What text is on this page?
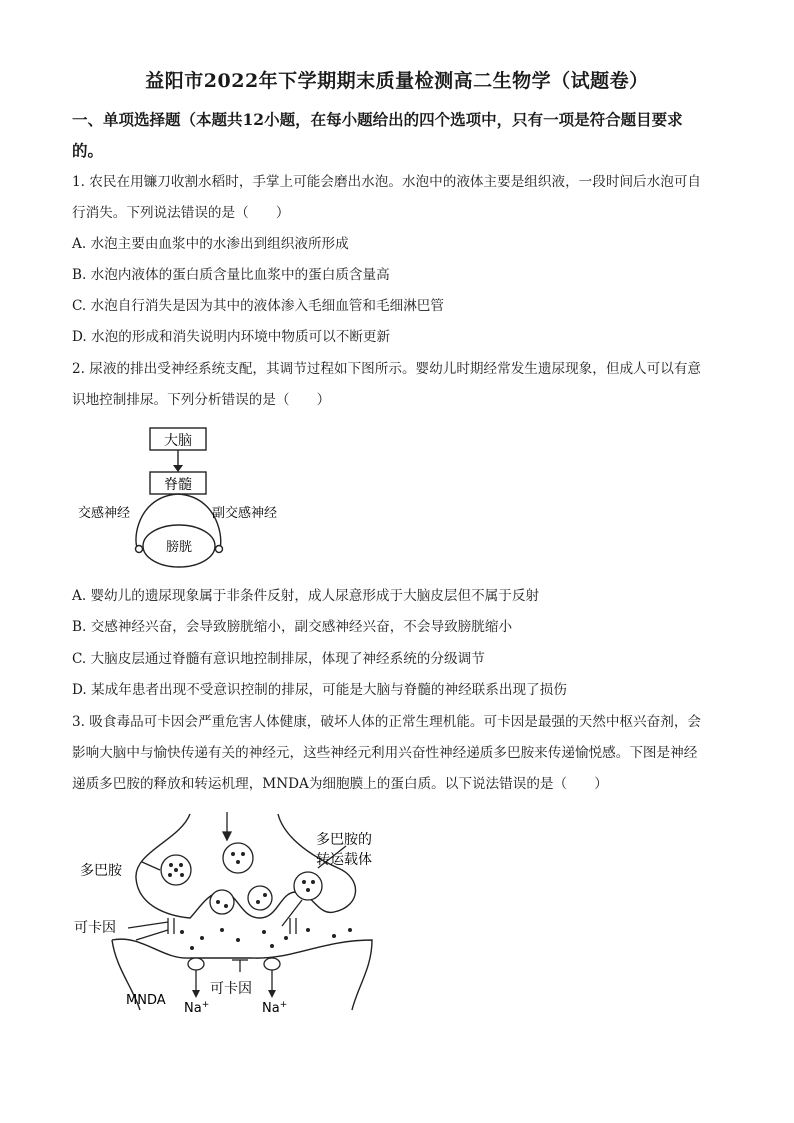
益阳市2022年下学期期末质量检测高二生物学（试题卷）
一、单项选择题（本题共12小题，在每小题给出的四个选项中，只有一项是符合题目要求
的。
1. 农民在用镰刀收割水稻时，手掌上可能会磨出水泡。水泡中的液体主要是组织液，一段时间后水泡可自
行消失。下列说法错误的是（　　）
A. 水泡主要由血浆中的水渗出到组织液所形成
B. 水泡内液体的蛋白质含量比血浆中的蛋白质含量高
C. 水泡自行消失是因为其中的液体渗入毛细血管和毛细淋巴管
D. 水泡的形成和消失说明内环境中物质可以不断更新
2. 尿液的排出受神经系统支配，其调节过程如下图所示。婴幼儿时期经常发生遗尿现象，但成人可以有意
识地控制排尿。下列分析错误的是（　　）
大脑
脊髓
膀胱
交感神经	副交感神经
A. 婴幼儿的遗尿现象属于非条件反射，成人尿意形成于大脑皮层但不属于反射
B. 交感神经兴奋，会导致膀胱缩小，副交感神经兴奋，不会导致膀胱缩小
C. 大脑皮层通过脊髓有意识地控制排尿，体现了神经系统的分级调节
D. 某成年患者出现不受意识控制的排尿，可能是大脑与脊髓的神经联系出现了损伤
3. 吸食毒品可卡因会严重危害人体健康，破坏人体的正常生理机能。可卡因是最强的天然中枢兴奋剂，会
影响大脑中与愉快传递有关的神经元，这些神经元利用兴奋性神经递质多巴胺来传递愉悦感。下图是神经
递质多巴胺的释放和转运机理，MNDA为细胞膜上的蛋白质。以下说法错误的是（　　）
多巴胺
多巴胺的
转运载体
可卡因
可卡因
MNDA
Na+	Na+
